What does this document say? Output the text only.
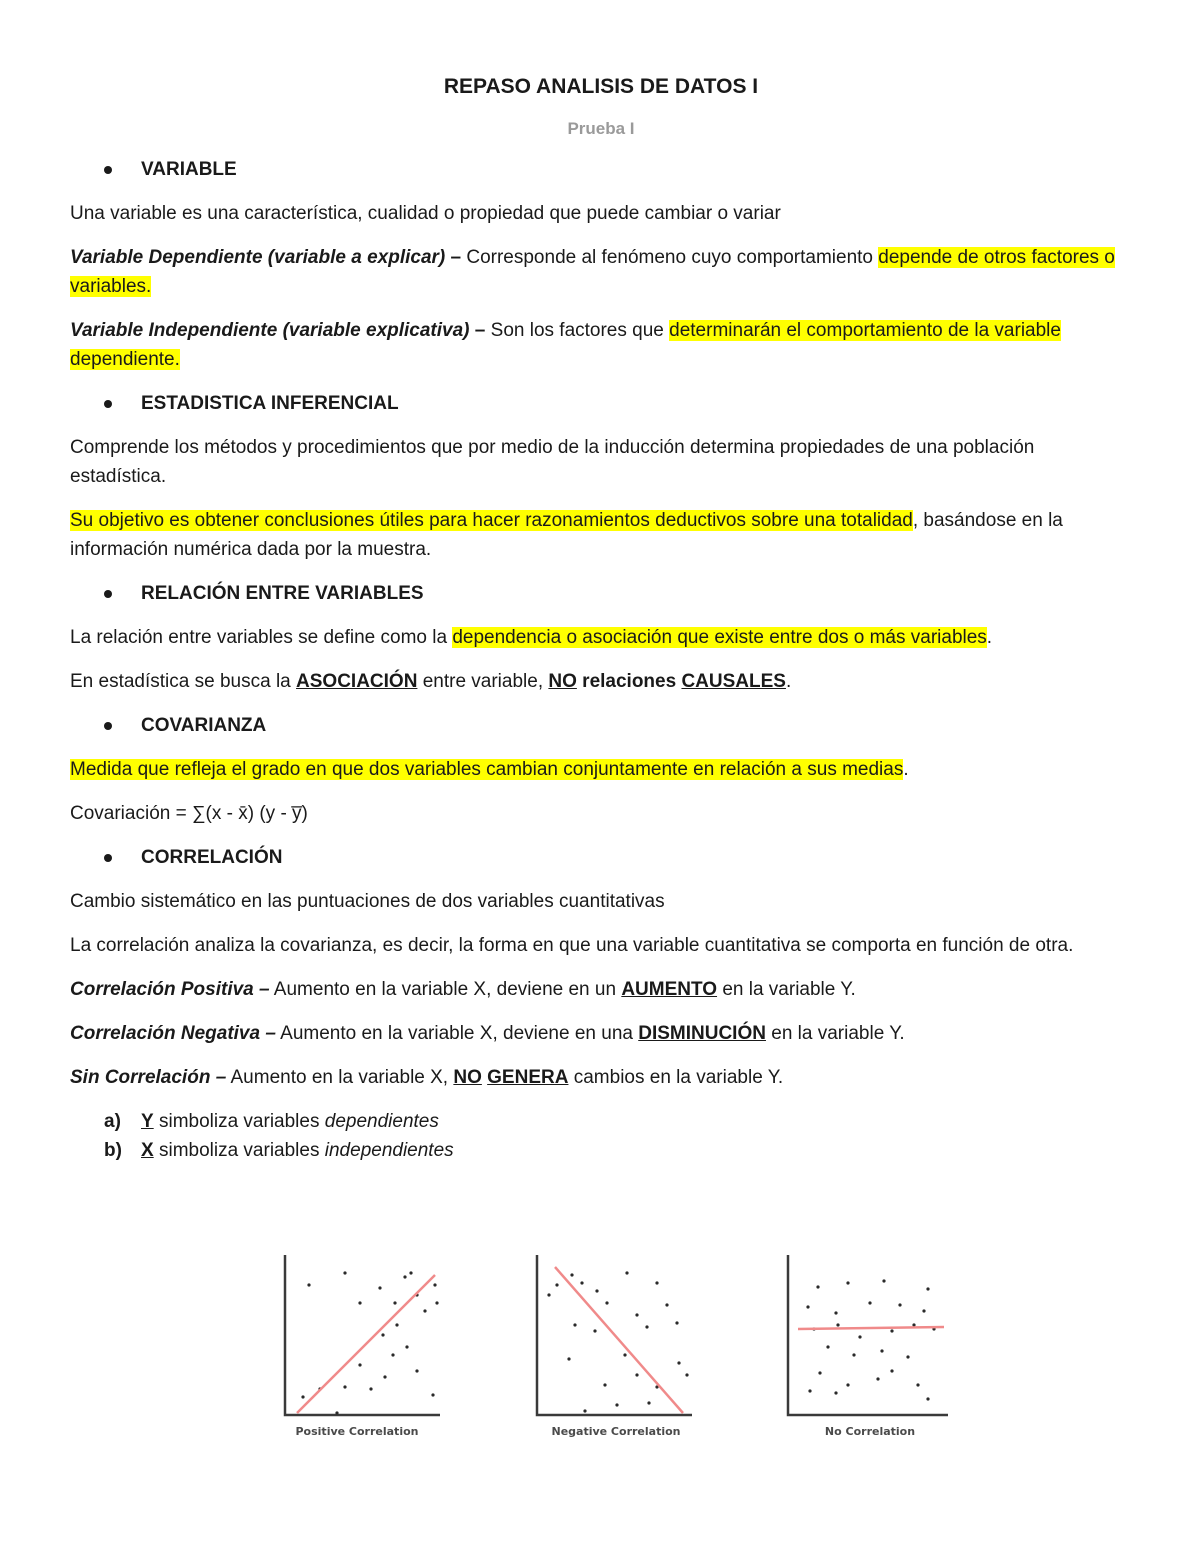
REPASO ANALISIS DE DATOS I

Prueba I

VARIABLE

Una variable es una característica, cualidad o propiedad que puede cambiar o variar

Variable Dependiente (variable a explicar) – Corresponde al fenómeno cuyo comportamiento depende de otros factores o variables.

Variable Independiente (variable explicativa) – Son los factores que determinarán el comportamiento de la variable dependiente.

ESTADISTICA INFERENCIAL

Comprende los métodos y procedimientos que por medio de la inducción determina propiedades de una población estadística.

Su objetivo es obtener conclusiones útiles para hacer razonamientos deductivos sobre una totalidad, basándose en la información numérica dada por la muestra.

RELACIÓN ENTRE VARIABLES

La relación entre variables se define como la dependencia o asociación que existe entre dos o más variables.

En estadística se busca la ASOCIACIÓN entre variable, NO relaciones CAUSALES.

COVARIANZA

Medida que refleja el grado en que dos variables cambian conjuntamente en relación a sus medias.

Covariación = ∑(x - x̄) (y - y̅)

CORRELACIÓN

Cambio sistemático en las puntuaciones de dos variables cuantitativas

La correlación analiza la covarianza, es decir, la forma en que una variable cuantitativa se comporta en función de otra.

Correlación Positiva – Aumento en la variable X, deviene en un AUMENTO en la variable Y.

Correlación Negativa – Aumento en la variable X, deviene en una DISMINUCIÓN en la variable Y.

Sin Correlación – Aumento en la variable X, NO GENERA cambios en la variable Y.

a) Y simboliza variables dependientes
b) X simboliza variables independientes
Positive Correlation	Negative Correlation	No Correlation
